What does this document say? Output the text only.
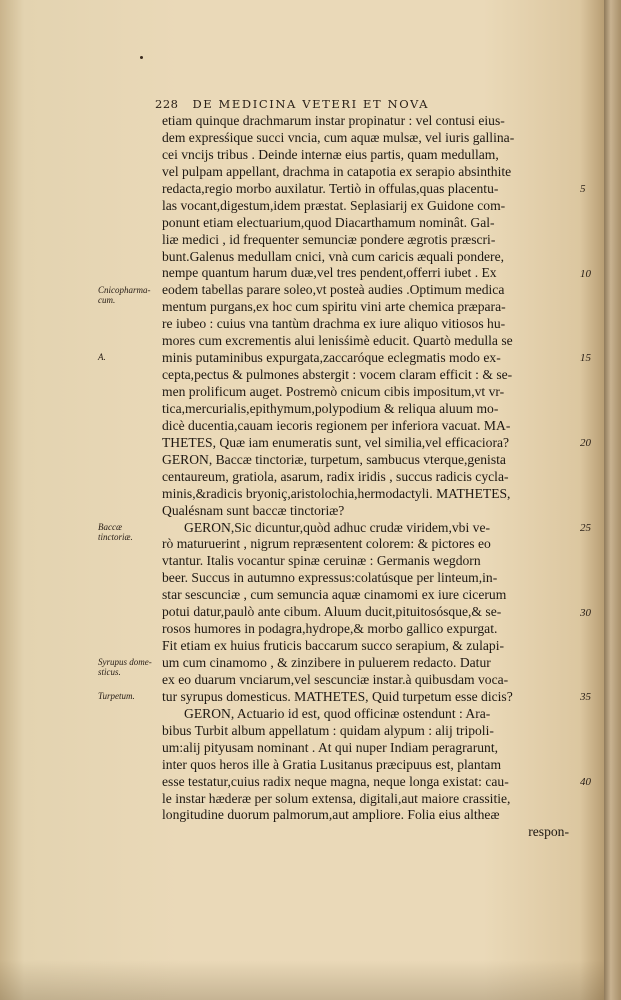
228 DE MEDICINA VETERI ET NOVA
etiam quinque drachmarum instar propinatur : vel contusi eius-
dem expresśique succi vncia, cum aquæ mulsæ, vel iuris gallina-
cei vncijs tribus . Deinde internæ eius partis, quam medullam,
vel pulpam appellant, drachma in catapotia ex serapio absinthite
redacta,regio morbo auxilatur. Tertiò in offulas,quas placentu-
las vocant,digestum,idem præstat. Seplasiarij ex Guidone com-
ponunt etiam electuarium,quod Diacarthamum nominât. Gal-
liæ medici , id frequenter semunciæ pondere ægrotis præscri-
bunt.Galenus medullam cnici, vnà cum caricis æquali pondere,
nempe quantum harum duæ,vel tres pendent,offerri iubet . Ex
eodem tabellas parare soleo,vt posteà audies .Optimum medica
mentum purgans,ex hoc cum spiritu vini arte chemica præpara-
re iubeo : cuius vna tantùm drachma ex iure aliquo vitiosos hu-
mores cum excrementis alui lenisśimè educit. Quartò medulla se
minis putaminibus expurgata,zaccaróque eclegmatis modo ex-
cepta,pectus & pulmones abstergit : vocem claram efficit : & se-
men prolificum auget. Postremò cnicum cibis impositum,vt vr-
tica,mercurialis,epithymum,polypodium & reliqua aluum mo-
dicè ducentia,cauam iecoris regionem per inferiora vacuat. MA-
THETES, Quæ iam enumeratis sunt, vel similia,vel efficaciora?
GERON, Baccæ tinctoriæ, turpetum, sambucus vterque,genista
centaureum, gratiola, asarum, radix iridis , succus radicis cycla-
minis,&radicis bryoniç,aristolochia,hermodactyli. MATHETES,
Qualésnam sunt baccæ tinctoriæ?
GERON,Sic dicuntur,quòd adhuc crudæ viridem,vbi ve-
rò maturuerint , nigrum repræsentent colorem: & pictores eo
vtantur. Italis vocantur spinæ ceruinæ : Germanis wegdorn
beer. Succus in autumno expressus:colatúsque per linteum,in-
star sescunciæ , cum semuncia aquæ cinamomi ex iure cicerum
potui datur,paulò ante cibum. Aluum ducit,pituitosósque,& se-
rosos humores in podagra,hydrope,& morbo gallico expurgat.
Fit etiam ex huius fruticis baccarum succo serapium, & zulapi-
um cum cinamomo , & zinzibere in puluerem redacto. Datur
ex eo duarum vnciarum,vel sescunciæ instar.à quibusdam voca-
tur syrupus domesticus. MATHETES, Quid turpetum esse dicis?
GERON, Actuario id est, quod officinæ ostendunt : Ara-
bibus Turbit album appellatum : quidam alypum : alij tripoli-
um:alij pityusam nominant . At qui nuper Indiam peragrarunt,
inter quos heros ille à Gratia Lusitanus præcipuus est, plantam
esse testatur,cuius radix neque magna, neque longa existat: cau-
le instar hæderæ per solum extensa, digitali,aut maiore crassitie,
longitudine duorum palmorum,aut ampliore. Folia eius altheæ
respon-
Cnicopharma- cum.
A.
Baccæ tinctoriæ.
Syrupus dome- sticus.
Turpetum.
5
10
15
20
25
30
35
40
